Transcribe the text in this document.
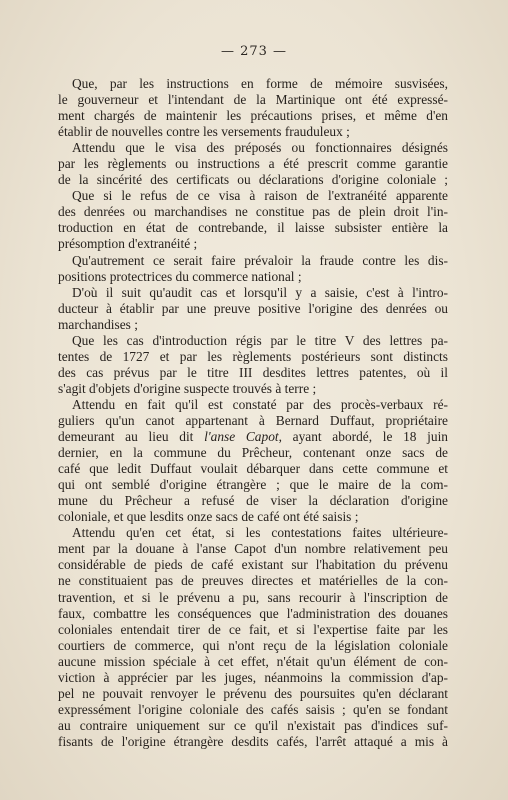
— 273 —
Que, par les instructions en forme de mémoire susvisées,
le gouverneur et l'intendant de la Martinique ont été expressé-
ment chargés de maintenir les précautions prises, et même d'en
établir de nouvelles contre les versements frauduleux ;
Attendu que le visa des préposés ou fonctionnaires désignés
par les règlements ou instructions a été prescrit comme garantie
de la sincérité des certificats ou déclarations d'origine coloniale ;
Que si le refus de ce visa à raison de l'extranéité apparente
des denrées ou marchandises ne constitue pas de plein droit l'in-
troduction en état de contrebande, il laisse subsister entière la
présomption d'extranéité ;
Qu'autrement ce serait faire prévaloir la fraude contre les dis-
positions protectrices du commerce national ;
D'où il suit qu'audit cas et lorsqu'il y a saisie, c'est à l'intro-
ducteur à établir par une preuve positive l'origine des denrées ou
marchandises ;
Que les cas d'introduction régis par le titre V des lettres pa-
tentes de 1727 et par les règlements postérieurs sont distincts
des cas prévus par le titre III desdites lettres patentes, où il
s'agit d'objets d'origine suspecte trouvés à terre ;
Attendu en fait qu'il est constaté par des procès-verbaux ré-
guliers qu'un canot appartenant à Bernard Duffaut, propriétaire
demeurant au lieu dit l'anse Capot, ayant abordé, le 18 juin
dernier, en la commune du Prêcheur, contenant onze sacs de
café que ledit Duffaut voulait débarquer dans cette commune et
qui ont semblé d'origine étrangère ; que le maire de la com-
mune du Prêcheur a refusé de viser la déclaration d'origine
coloniale, et que lesdits onze sacs de café ont été saisis ;
Attendu qu'en cet état, si les contestations faites ultérieure-
ment par la douane à l'anse Capot d'un nombre relativement peu
considérable de pieds de café existant sur l'habitation du prévenu
ne constituaient pas de preuves directes et matérielles de la con-
travention, et si le prévenu a pu, sans recourir à l'inscription de
faux, combattre les conséquences que l'administration des douanes
coloniales entendait tirer de ce fait, et si l'expertise faite par les
courtiers de commerce, qui n'ont reçu de la législation coloniale
aucune mission spéciale à cet effet, n'était qu'un élément de con-
viction à apprécier par les juges, néanmoins la commission d'ap-
pel ne pouvait renvoyer le prévenu des poursuites qu'en déclarant
expressément l'origine coloniale des cafés saisis ; qu'en se fondant
au contraire uniquement sur ce qu'il n'existait pas d'indices suf-
fisants de l'origine étrangère desdits cafés, l'arrêt attaqué a mis à
